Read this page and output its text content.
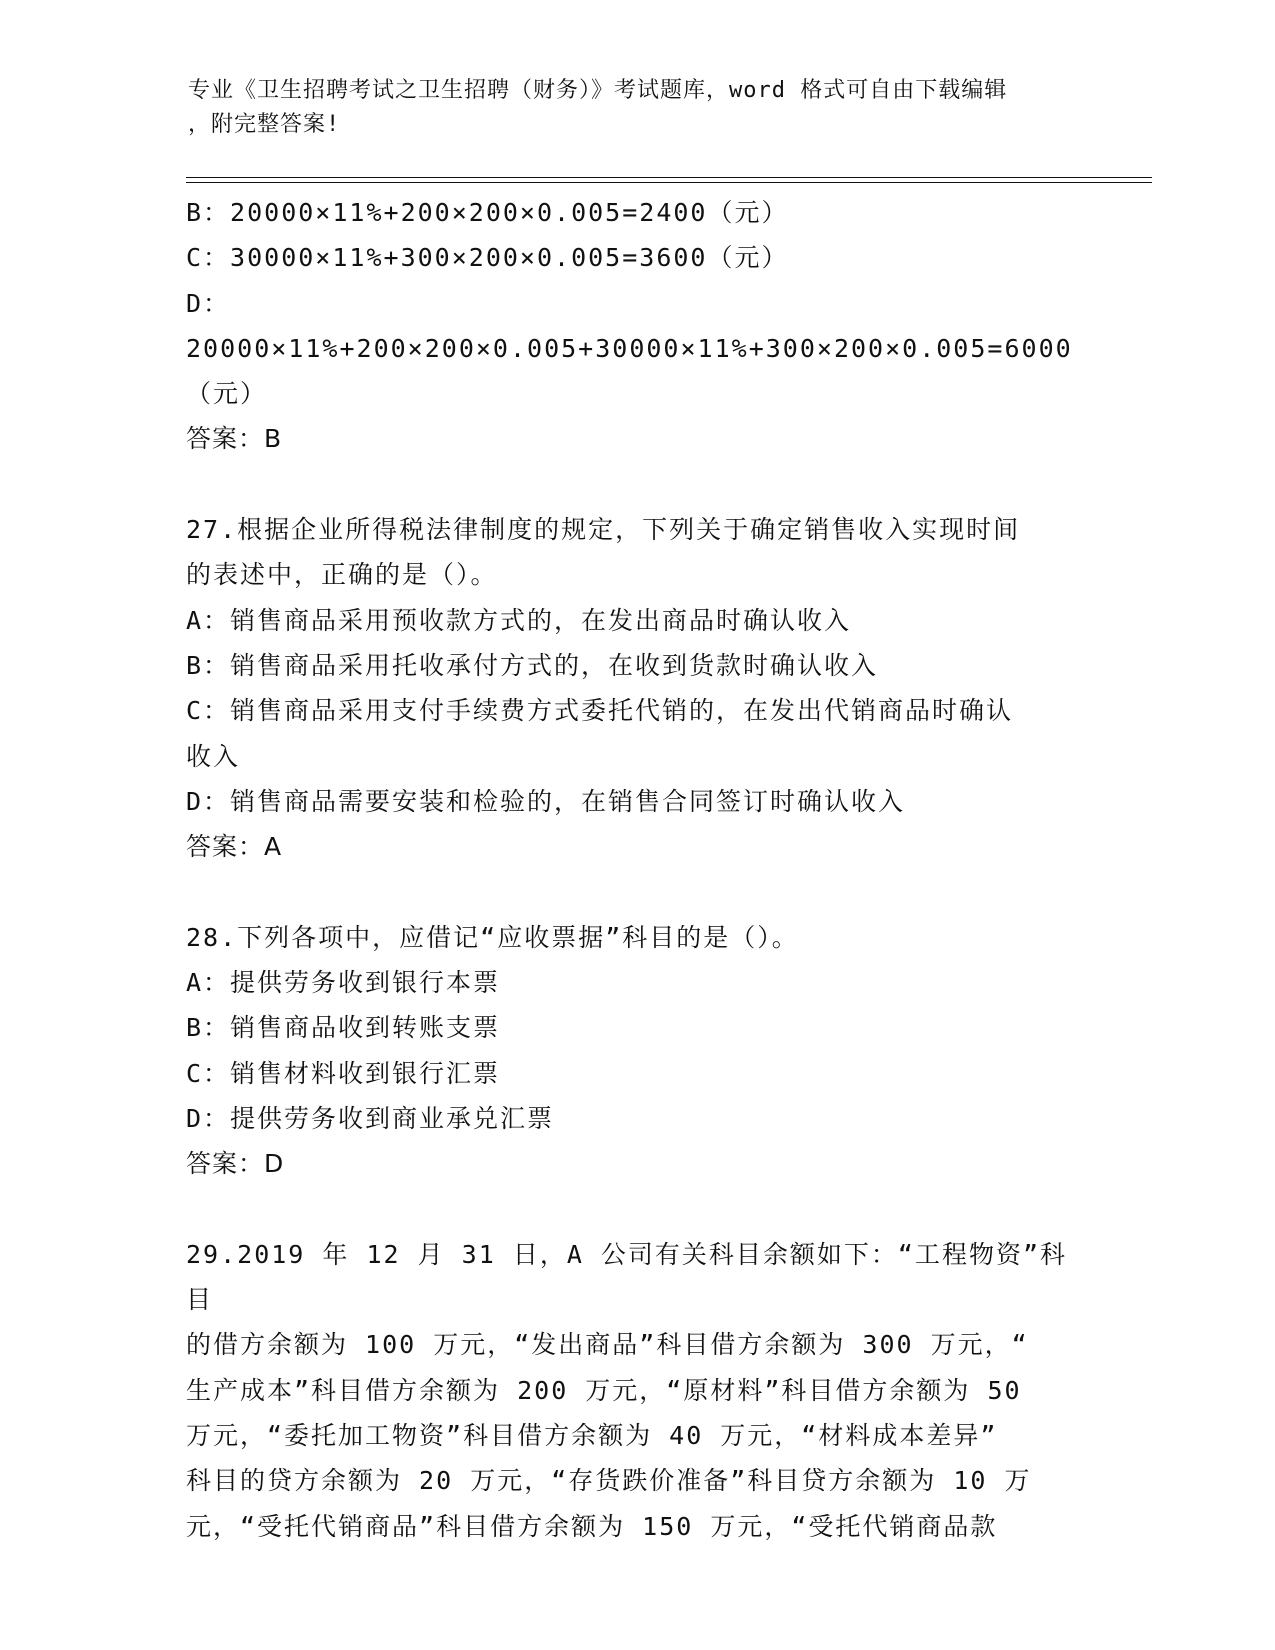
专业《卫生招聘考试之卫生招聘（财务）》考试题库，word 格式可自由下载编辑
，附完整答案!
B：20000×11%+200×200×0.005=2400（元）
C：30000×11%+300×200×0.005=3600（元）
D：20000×11%+200×200×0.005+30000×11%+300×200×0.005=6000
（元）
答案：B
27.根据企业所得税法律制度的规定，下列关于确定销售收入实现时间
的表述中，正确的是（）。
A：销售商品采用预收款方式的，在发出商品时确认收入
B：销售商品采用托收承付方式的，在收到货款时确认收入
C：销售商品采用支付手续费方式委托代销的，在发出代销商品时确认
收入
D：销售商品需要安装和检验的，在销售合同签订时确认收入
答案：A
28.下列各项中，应借记“应收票据”科目的是（）。
A：提供劳务收到银行本票
B：销售商品收到转账支票
C：销售材料收到银行汇票
D：提供劳务收到商业承兑汇票
答案：D
29.2019 年 12 月 31 日，A 公司有关科目余额如下：“工程物资”科目
的借方余额为 100 万元，“发出商品”科目借方余额为 300 万元，“
生产成本”科目借方余额为 200 万元，“原材料”科目借方余额为 50
万元，“委托加工物资”科目借方余额为 40 万元，“材料成本差异”
科目的贷方余额为 20 万元，“存货跌价准备”科目贷方余额为 10 万
元，“受托代销商品”科目借方余额为 150 万元，“受托代销商品款
